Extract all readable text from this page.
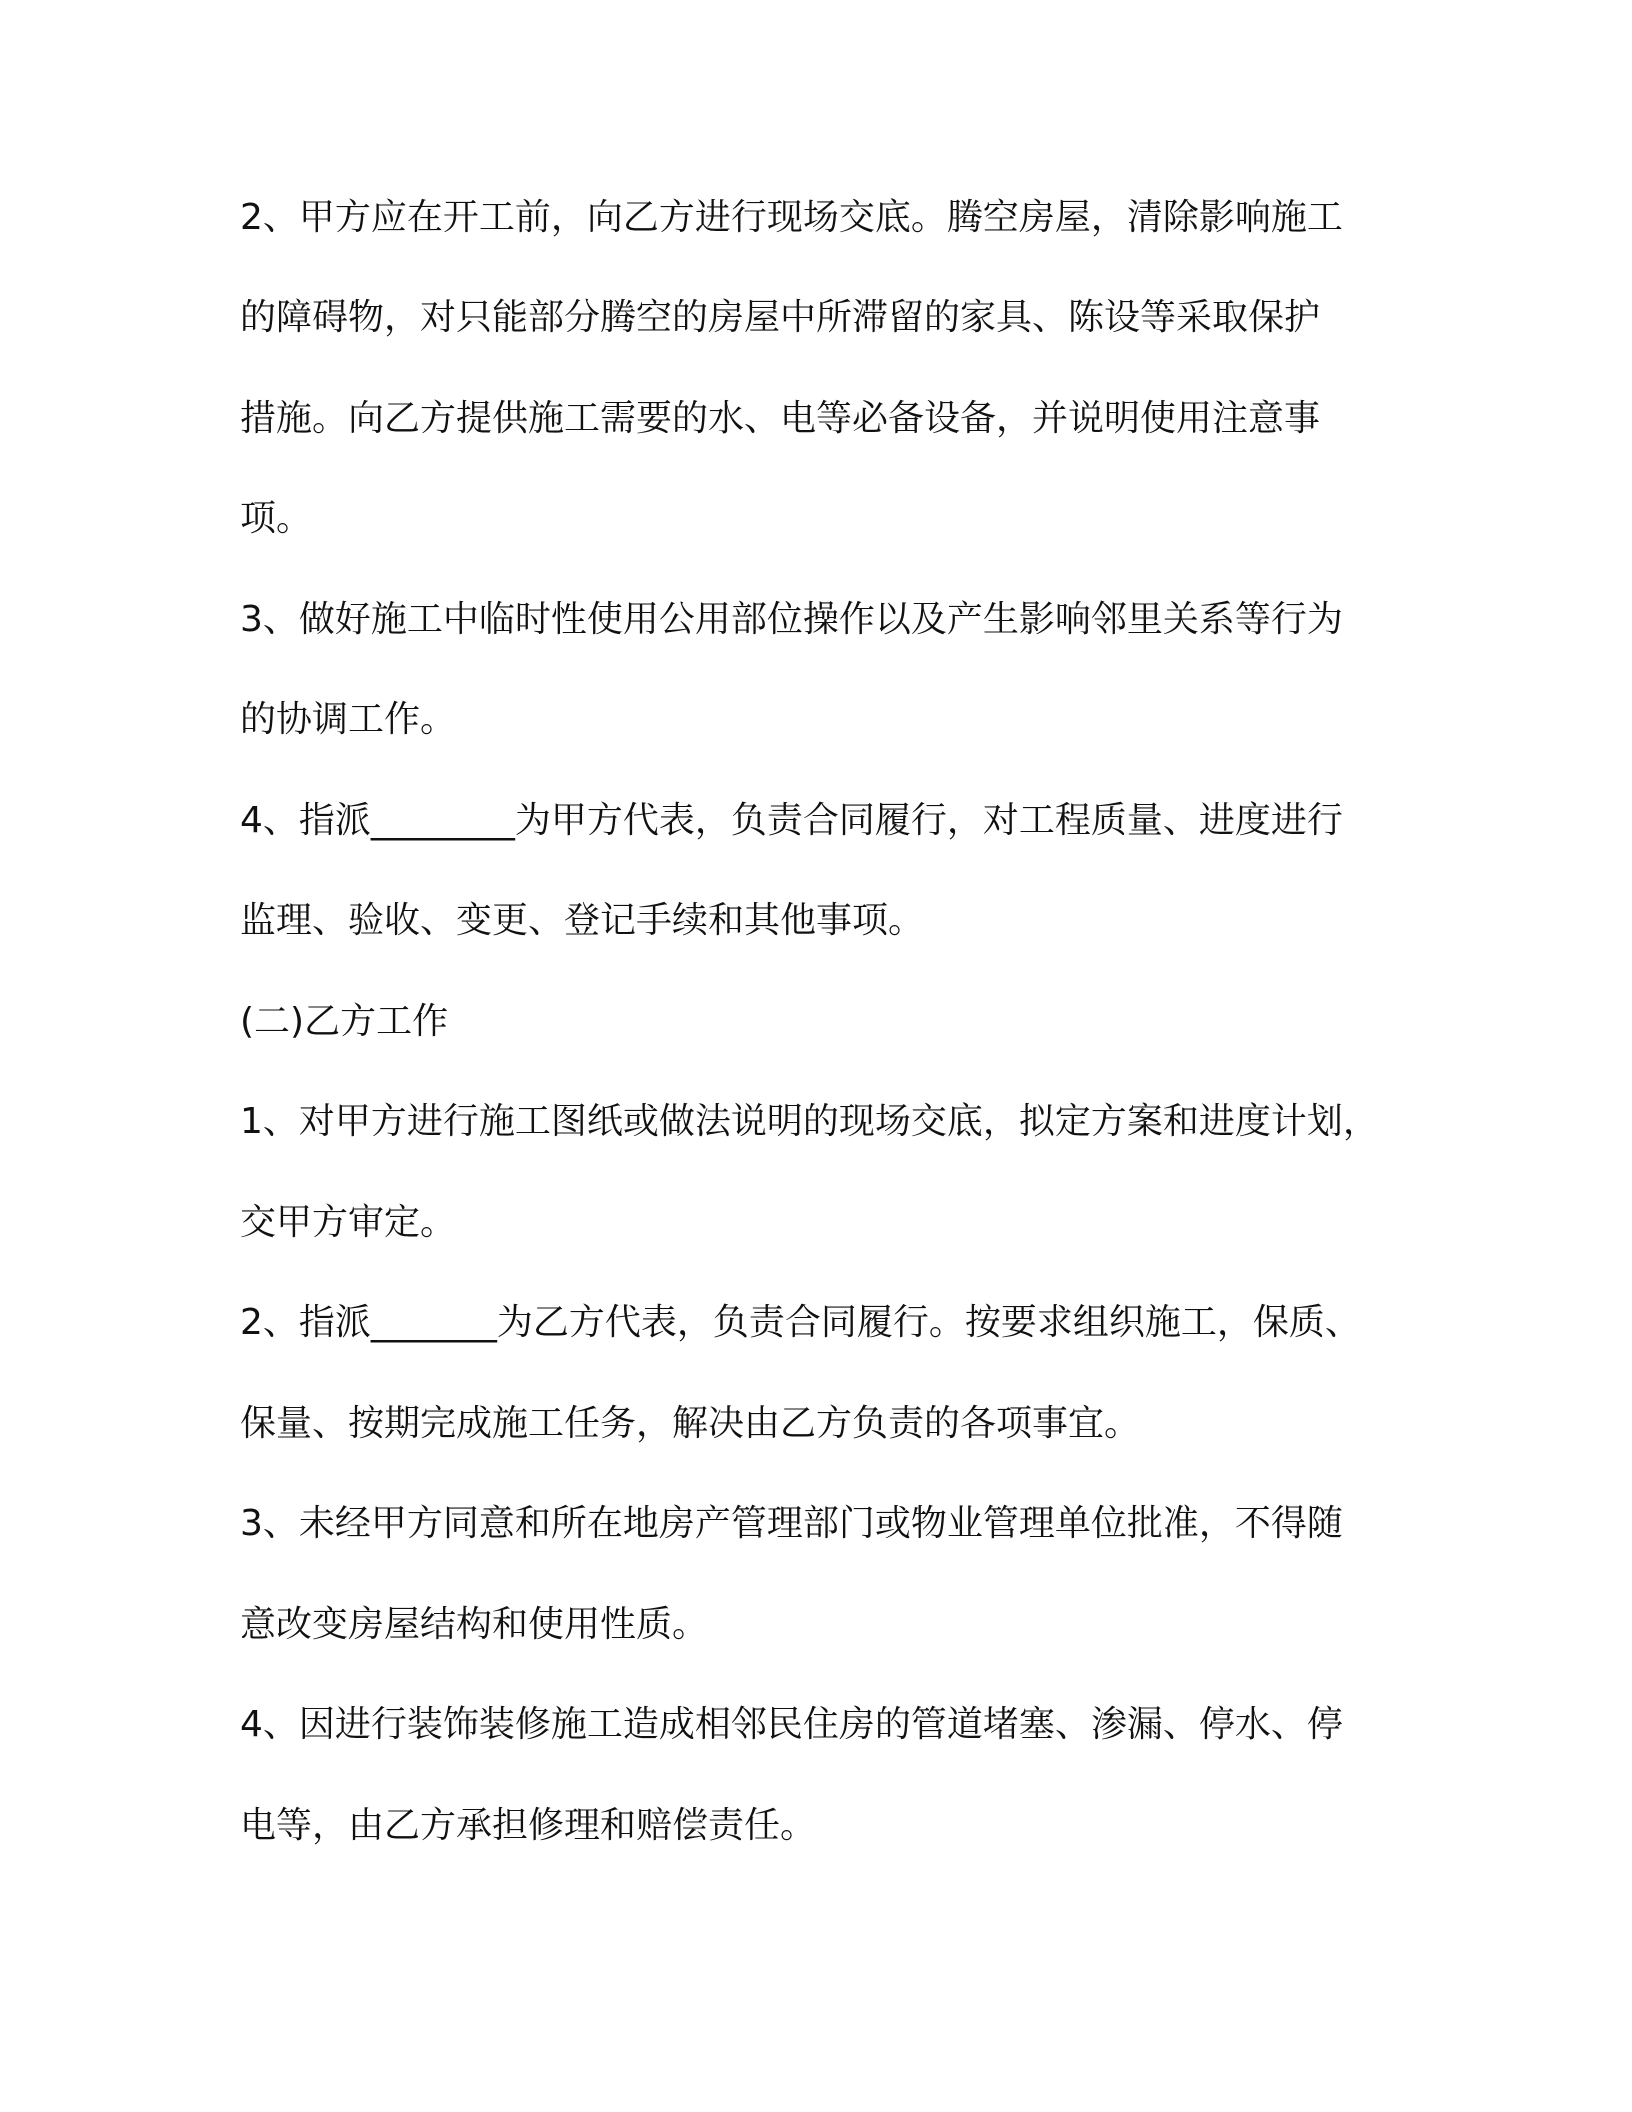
2、甲方应在开工前，向乙方进行现场交底。腾空房屋，清除影响施工
的障碍物，对只能部分腾空的房屋中所滞留的家具、陈设等采取保护
措施。向乙方提供施工需要的水、电等必备设备，并说明使用注意事
项。
3、做好施工中临时性使用公用部位操作以及产生影响邻里关系等行为
的协调工作。
4、指派________为甲方代表，负责合同履行，对工程质量、进度进行
监理、验收、变更、登记手续和其他事项。
(二)乙方工作
1、对甲方进行施工图纸或做法说明的现场交底，拟定方案和进度计划，
交甲方审定。
2、指派_______为乙方代表，负责合同履行。按要求组织施工，保质、
保量、按期完成施工任务，解决由乙方负责的各项事宜。
3、未经甲方同意和所在地房产管理部门或物业管理单位批准，不得随
意改变房屋结构和使用性质。
4、因进行装饰装修施工造成相邻民住房的管道堵塞、渗漏、停水、停
电等，由乙方承担修理和赔偿责任。
